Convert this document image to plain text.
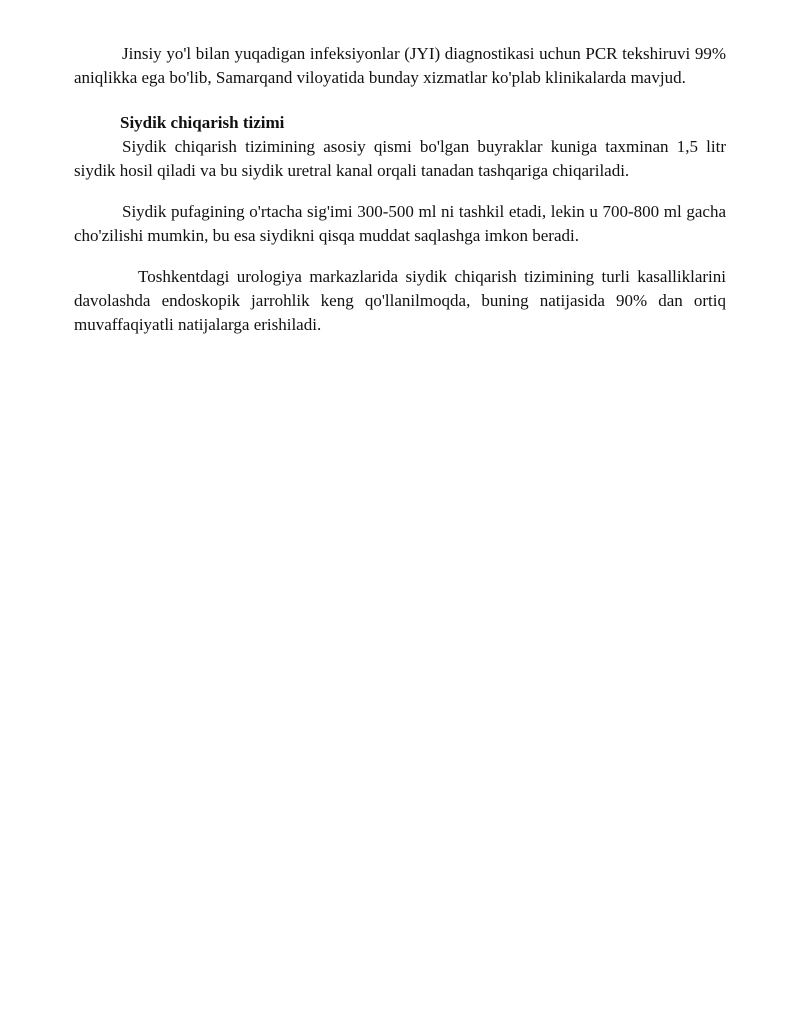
Jinsiy yo'l bilan yuqadigan infeksiyonlar (JYI) diagnostikasi uchun PCR tekshiruvi 99% aniqlikka ega bo'lib, Samarqand viloyatida bunday xizmatlar ko'plab klinikalarda mavjud.

Siydik chiqarish tizimi

Siydik chiqarish tizimining asosiy qismi bo'lgan buyraklar kuniga taxminan 1,5 litr siydik hosil qiladi va bu siydik uretral kanal orqali tanadan tashqariga chiqariladi.

Siydik pufagining o'rtacha sig'imi 300-500 ml ni tashkil etadi, lekin u 700-800 ml gacha cho'zilishi mumkin, bu esa siydikni qisqa muddat saqlashga imkon beradi.

Toshkentdagi urologiya markazlarida siydik chiqarish tizimining turli kasalliklarini davolashda endoskopik jarrohlik keng qo'llanilmoqda, buning natijasida 90% dan ortiq muvaffaqiyatli natijalarga erishiladi.
